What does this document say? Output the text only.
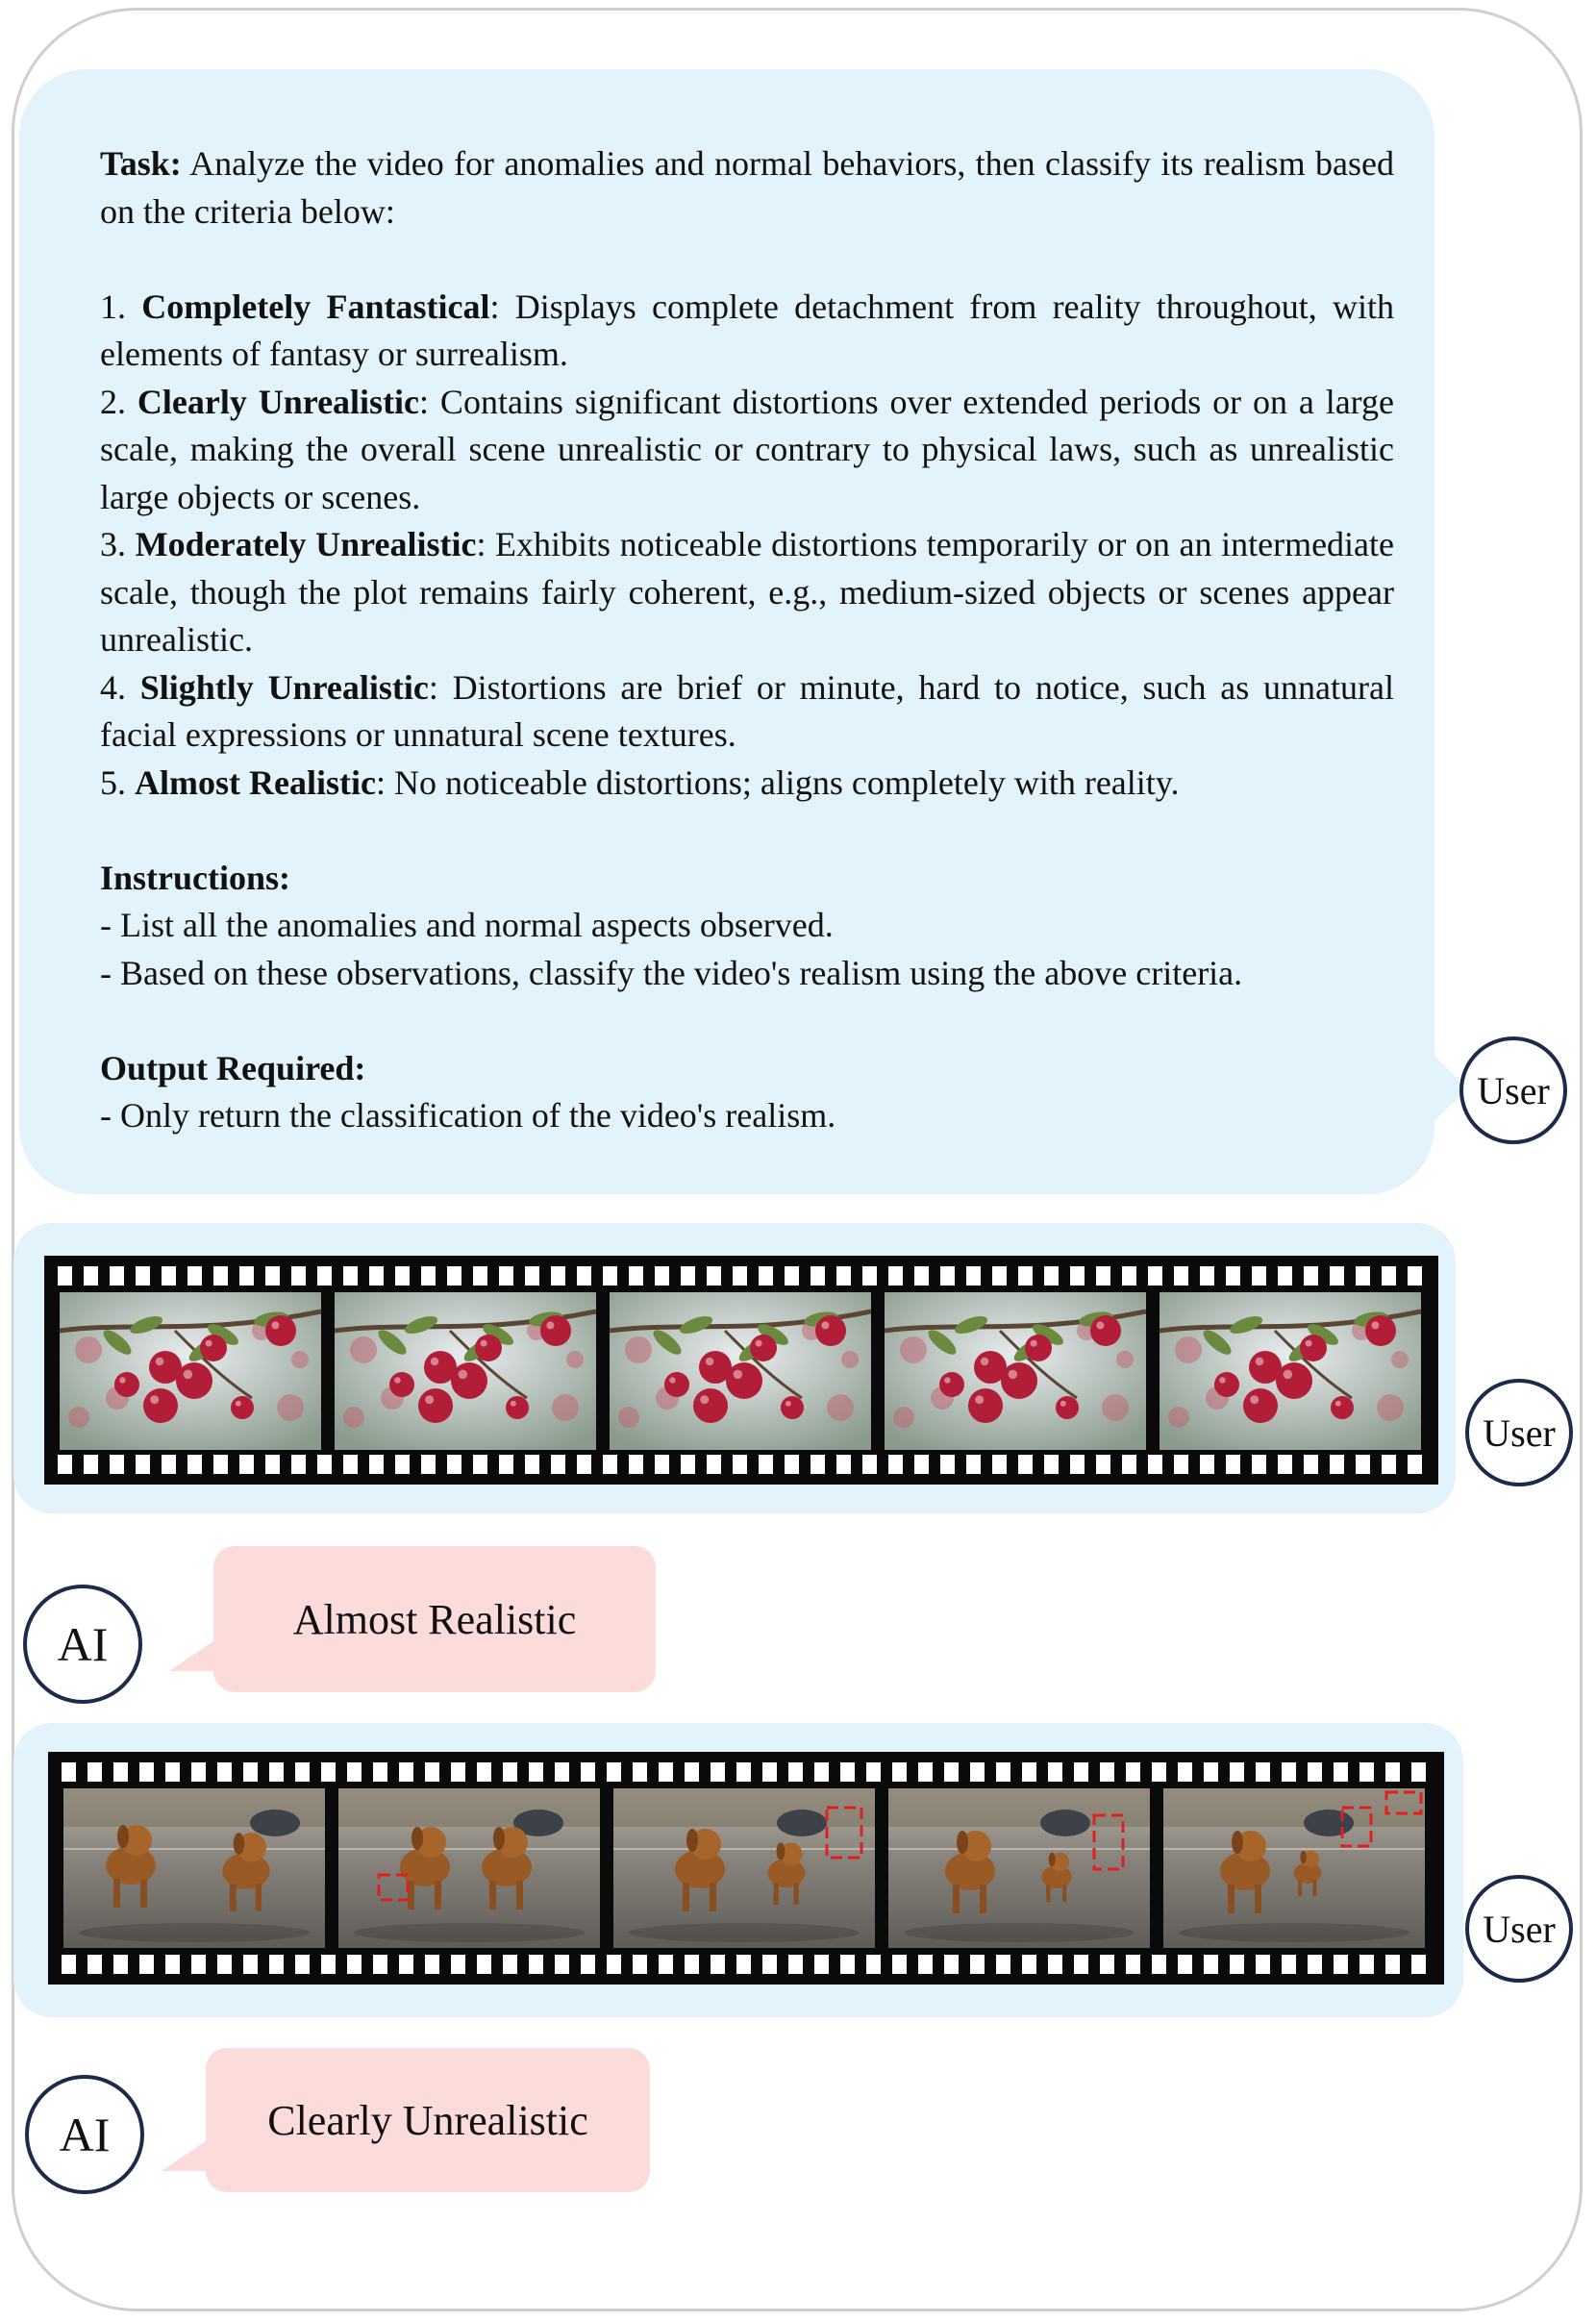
Task: Analyze the video for anomalies and normal behaviors, then classify its realism based on the criteria below:

1. Completely Fantastical: Displays complete detachment from reality throughout, with elements of fantasy or surrealism.

2. Clearly Unrealistic: Contains significant distortions over extended periods or on a large scale, making the overall scene unrealistic or contrary to physical laws, such as unrealistic large objects or scenes.

3. Moderately Unrealistic: Exhibits noticeable distortions temporarily or on an intermediate scale, though the plot remains fairly coherent, e.g., medium-sized objects or scenes appear unrealistic.

4. Slightly Unrealistic: Distortions are brief or minute, hard to notice, such as unnatural facial expressions or unnatural scene textures.

5. Almost Realistic: No noticeable distortions; aligns completely with reality.

Instructions:

- List all the anomalies and normal aspects observed.

- Based on these observations, classify the video's realism using the above criteria.

Output Required:

- Only return the classification of the video's realism.

User
User
AI	Almost Realistic
User
AI	Clearly Unrealistic
